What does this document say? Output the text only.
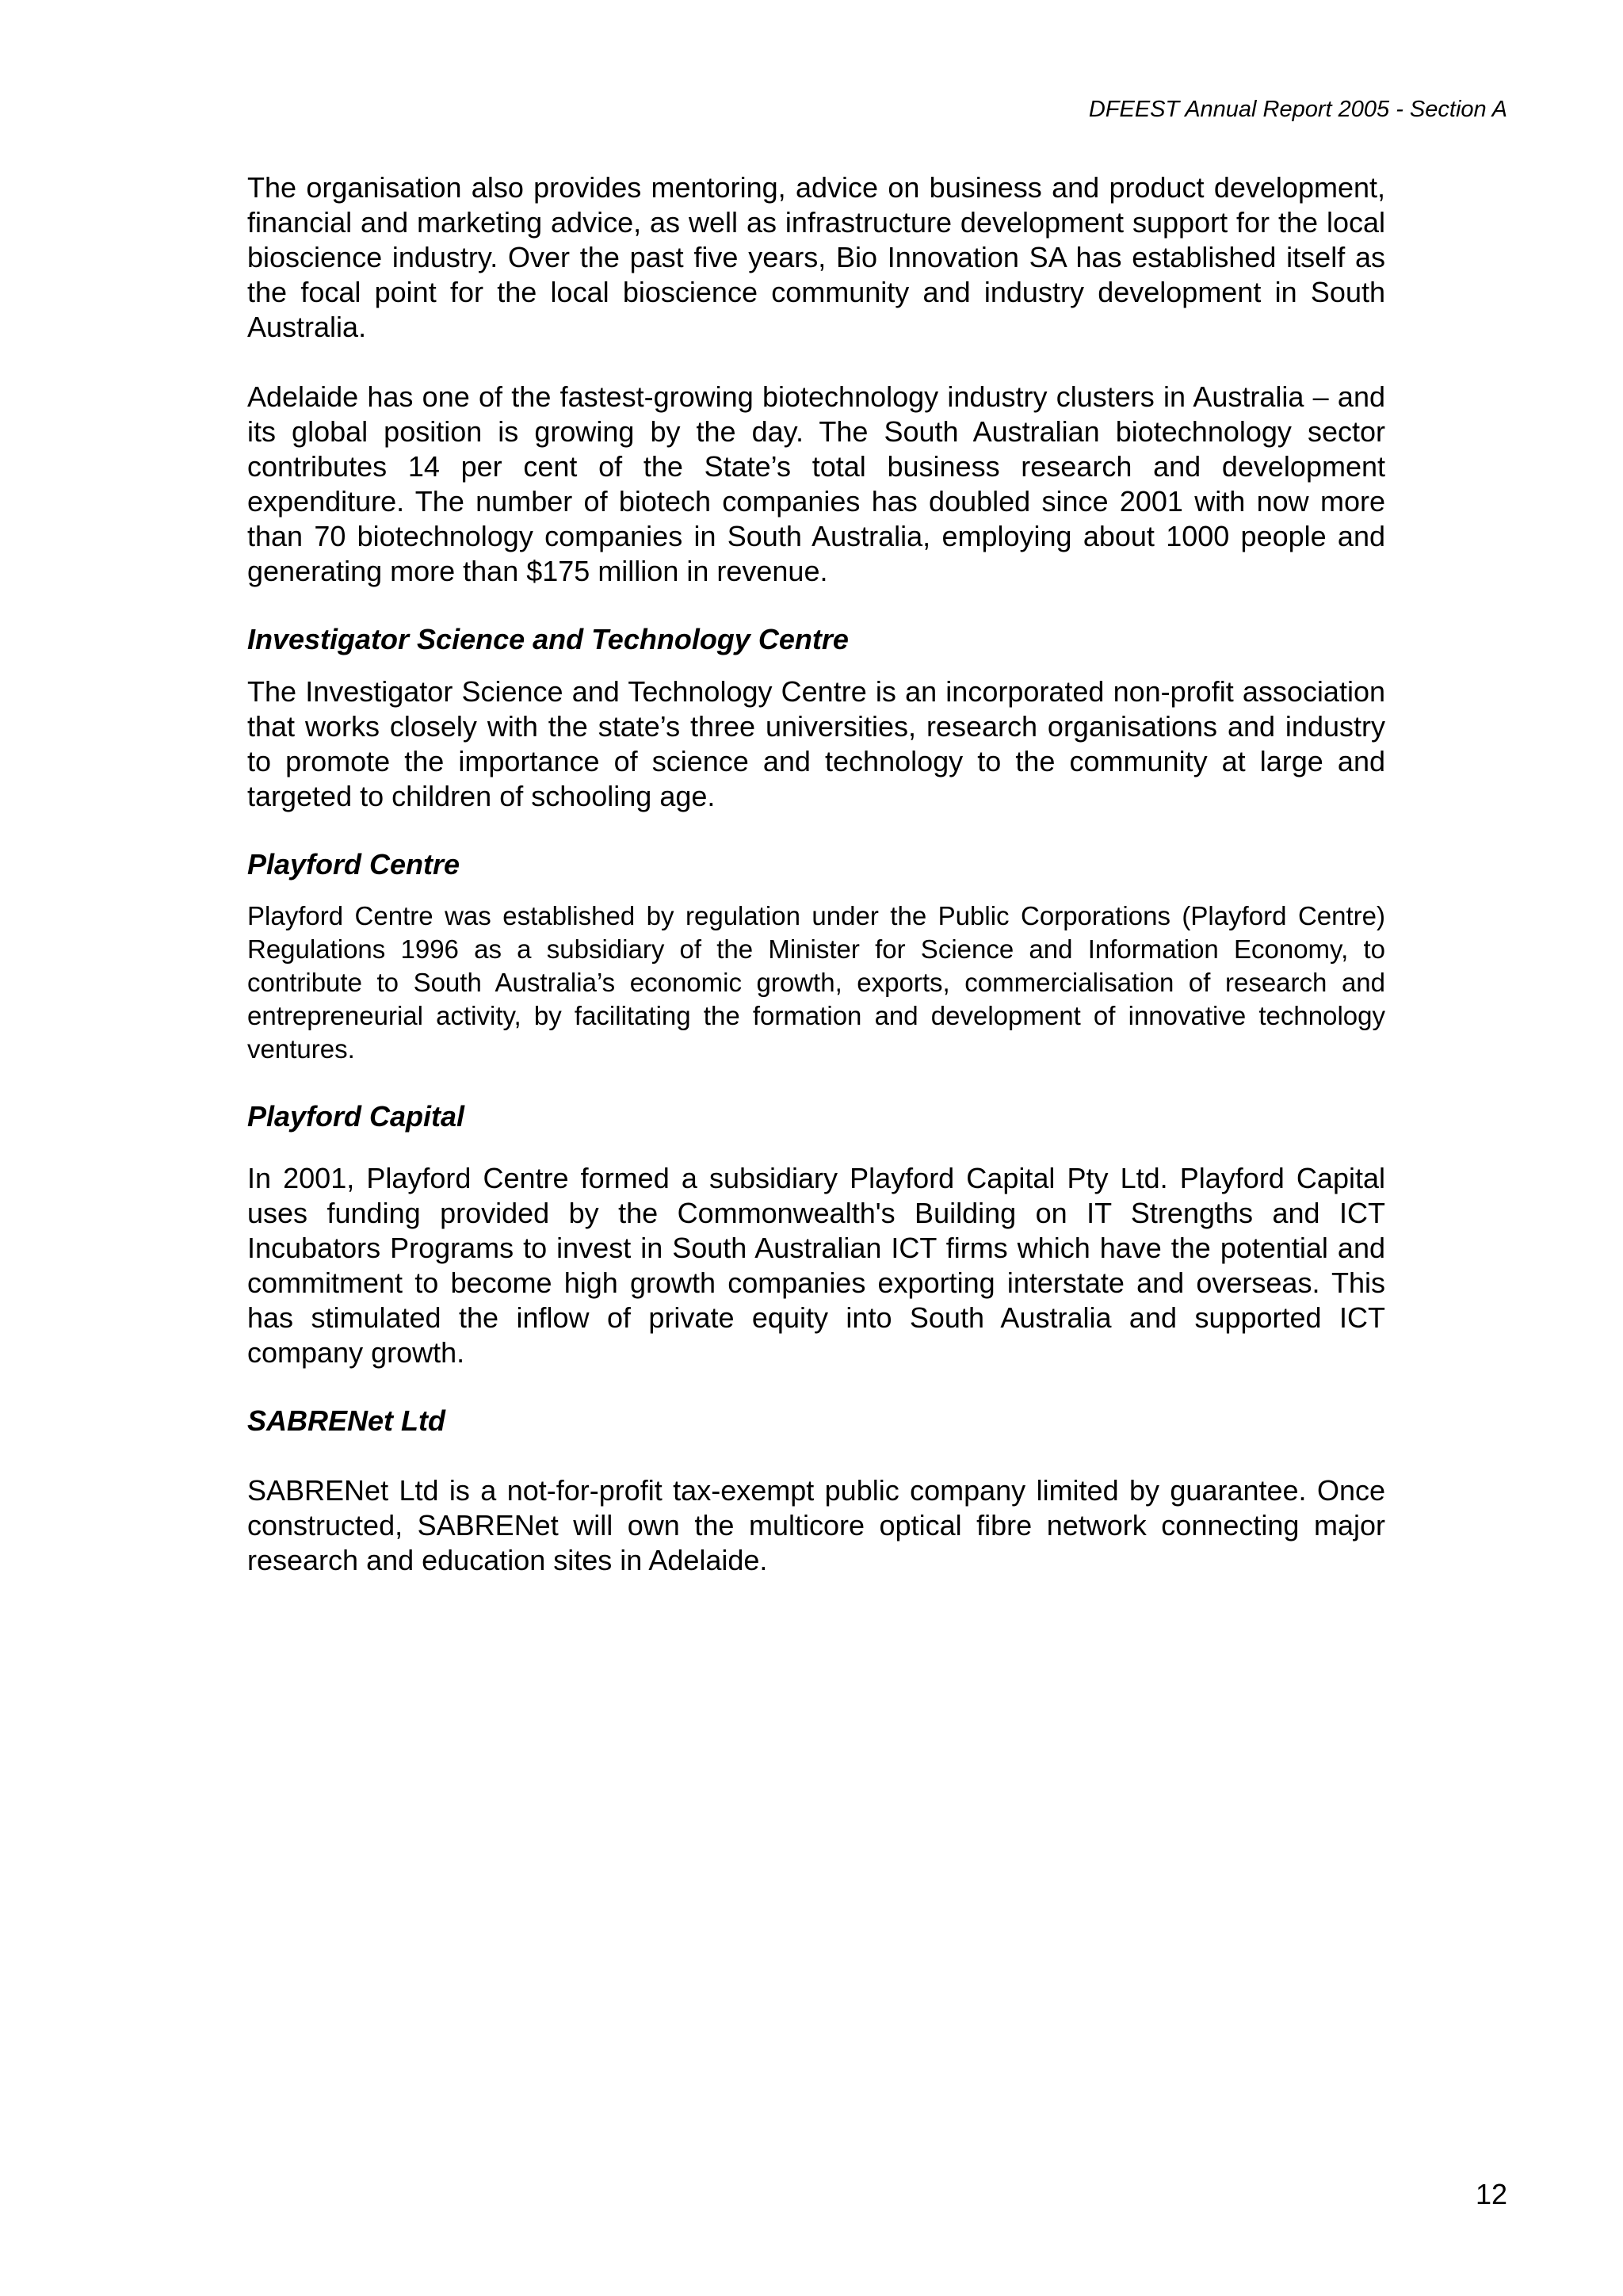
DFEEST Annual Report 2005 - Section A

The organisation also provides mentoring, advice on business and product development, financial and marketing advice, as well as infrastructure development support for the local bioscience industry. Over the past five years, Bio Innovation SA has established itself as the focal point for the local bioscience community and industry development in South Australia.

Adelaide has one of the fastest-growing biotechnology industry clusters in Australia – and its global position is growing by the day. The South Australian biotechnology sector contributes 14 per cent of the State’s total business research and development expenditure. The number of biotech companies has doubled since 2001 with now more than 70 biotechnology companies in South Australia, employing about 1000 people and generating more than $175 million in revenue.

Investigator Science and Technology Centre

The Investigator Science and Technology Centre is an incorporated non-profit association that works closely with the state’s three universities, research organisations and industry to promote the importance of science and technology to the community at large and targeted to children of schooling age.

Playford Centre

Playford Centre was established by regulation under the Public Corporations (Playford Centre) Regulations 1996 as a subsidiary of the Minister for Science and Information Economy, to contribute to South Australia’s economic growth, exports, commercialisation of research and entrepreneurial activity, by facilitating the formation and development of innovative technology ventures.

Playford Capital

In 2001, Playford Centre formed a subsidiary Playford Capital Pty Ltd. Playford Capital uses funding provided by the Commonwealth's Building on IT Strengths and ICT Incubators Programs to invest in South Australian ICT firms which have the potential and commitment to become high growth companies exporting interstate and overseas. This has stimulated the inflow of private equity into South Australia and supported ICT company growth.

SABRENet Ltd

SABRENet Ltd is a not-for-profit tax-exempt public company limited by guarantee. Once constructed, SABRENet will own the multicore optical fibre network connecting major research and education sites in Adelaide.

12
